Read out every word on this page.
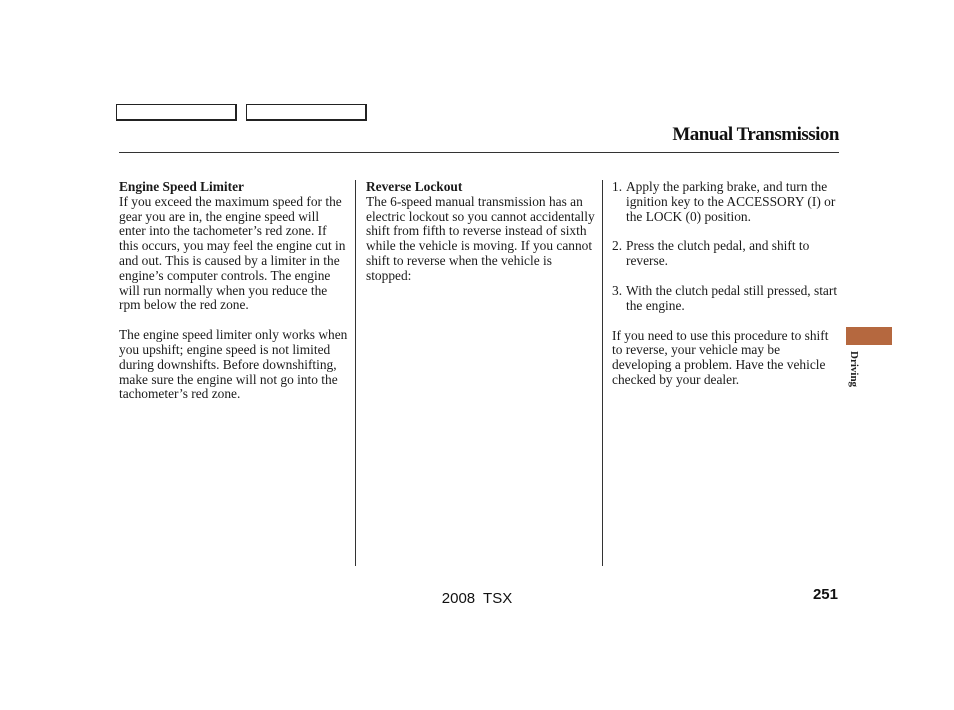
Manual Transmission
Engine Speed Limiter

If you exceed the maximum speed for the gear you are in, the engine speed will enter into the tachometer’s red zone. If this occurs, you may feel the engine cut in and out. This is caused by a limiter in the engine’s computer controls. The engine will run normally when you reduce the rpm below the red zone.

The engine speed limiter only works when you upshift; engine speed is not limited during downshifts. Before downshifting, make sure the engine will not go into the tachometer’s red zone.

Reverse Lockout

The 6-speed manual transmission has an electric lockout so you cannot accidentally shift from fifth to reverse instead of sixth while the vehicle is moving. If you cannot shift to reverse when the vehicle is stopped:

1. Apply the parking brake, and turn the ignition key to the ACCESSORY (I) or the LOCK (0) position.
2. Press the clutch pedal, and shift to reverse.
3. With the clutch pedal still pressed, start the engine.

If you need to use this procedure to shift to reverse, your vehicle may be developing a problem. Have the vehicle checked by your dealer.	Driving
2008 TSX	251
